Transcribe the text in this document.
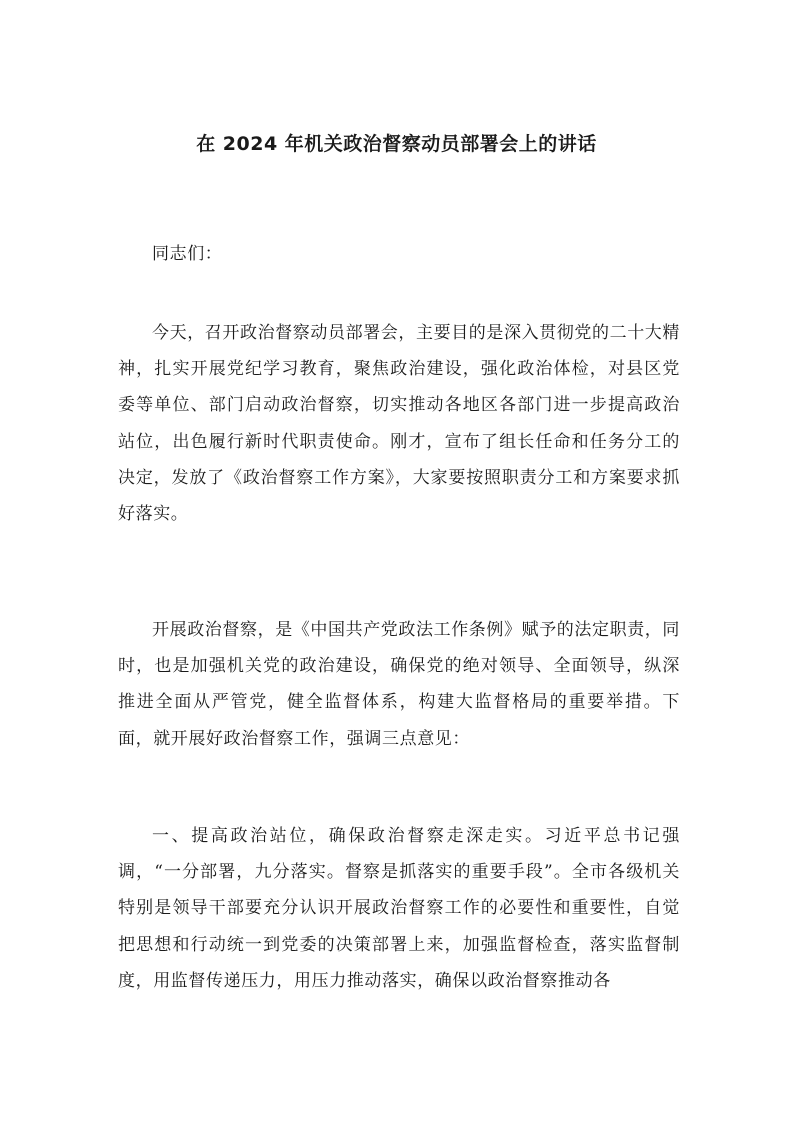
在 2024 年机关政治督察动员部署会上的讲话

同志们：

今天，召开政治督察动员部署会，主要目的是深入贯彻党的二十大精神，扎实开展党纪学习教育，聚焦政治建设，强化政治体检，对县区党委等单位、部门启动政治督察，切实推动各地区各部门进一步提高政治站位，出色履行新时代职责使命。刚才，宣布了组长任命和任务分工的决定，发放了《政治督察工作方案》，大家要按照职责分工和方案要求抓好落实。

开展政治督察，是《中国共产党政法工作条例》赋予的法定职责，同时，也是加强机关党的政治建设，确保党的绝对领导、全面领导，纵深推进全面从严管党，健全监督体系，构建大监督格局的重要举措。下面，就开展好政治督察工作，强调三点意见：

一、提高政治站位，确保政治督察走深走实。习近平总书记强调，“一分部署，九分落实。督察是抓落实的重要手段”。全市各级机关特别是领导干部要充分认识开展政治督察工作的必要性和重要性，自觉把思想和行动统一到党委的决策部署上来，加强监督检查，落实监督制度，用监督传递压力，用压力推动落实，确保以政治督察推动各
